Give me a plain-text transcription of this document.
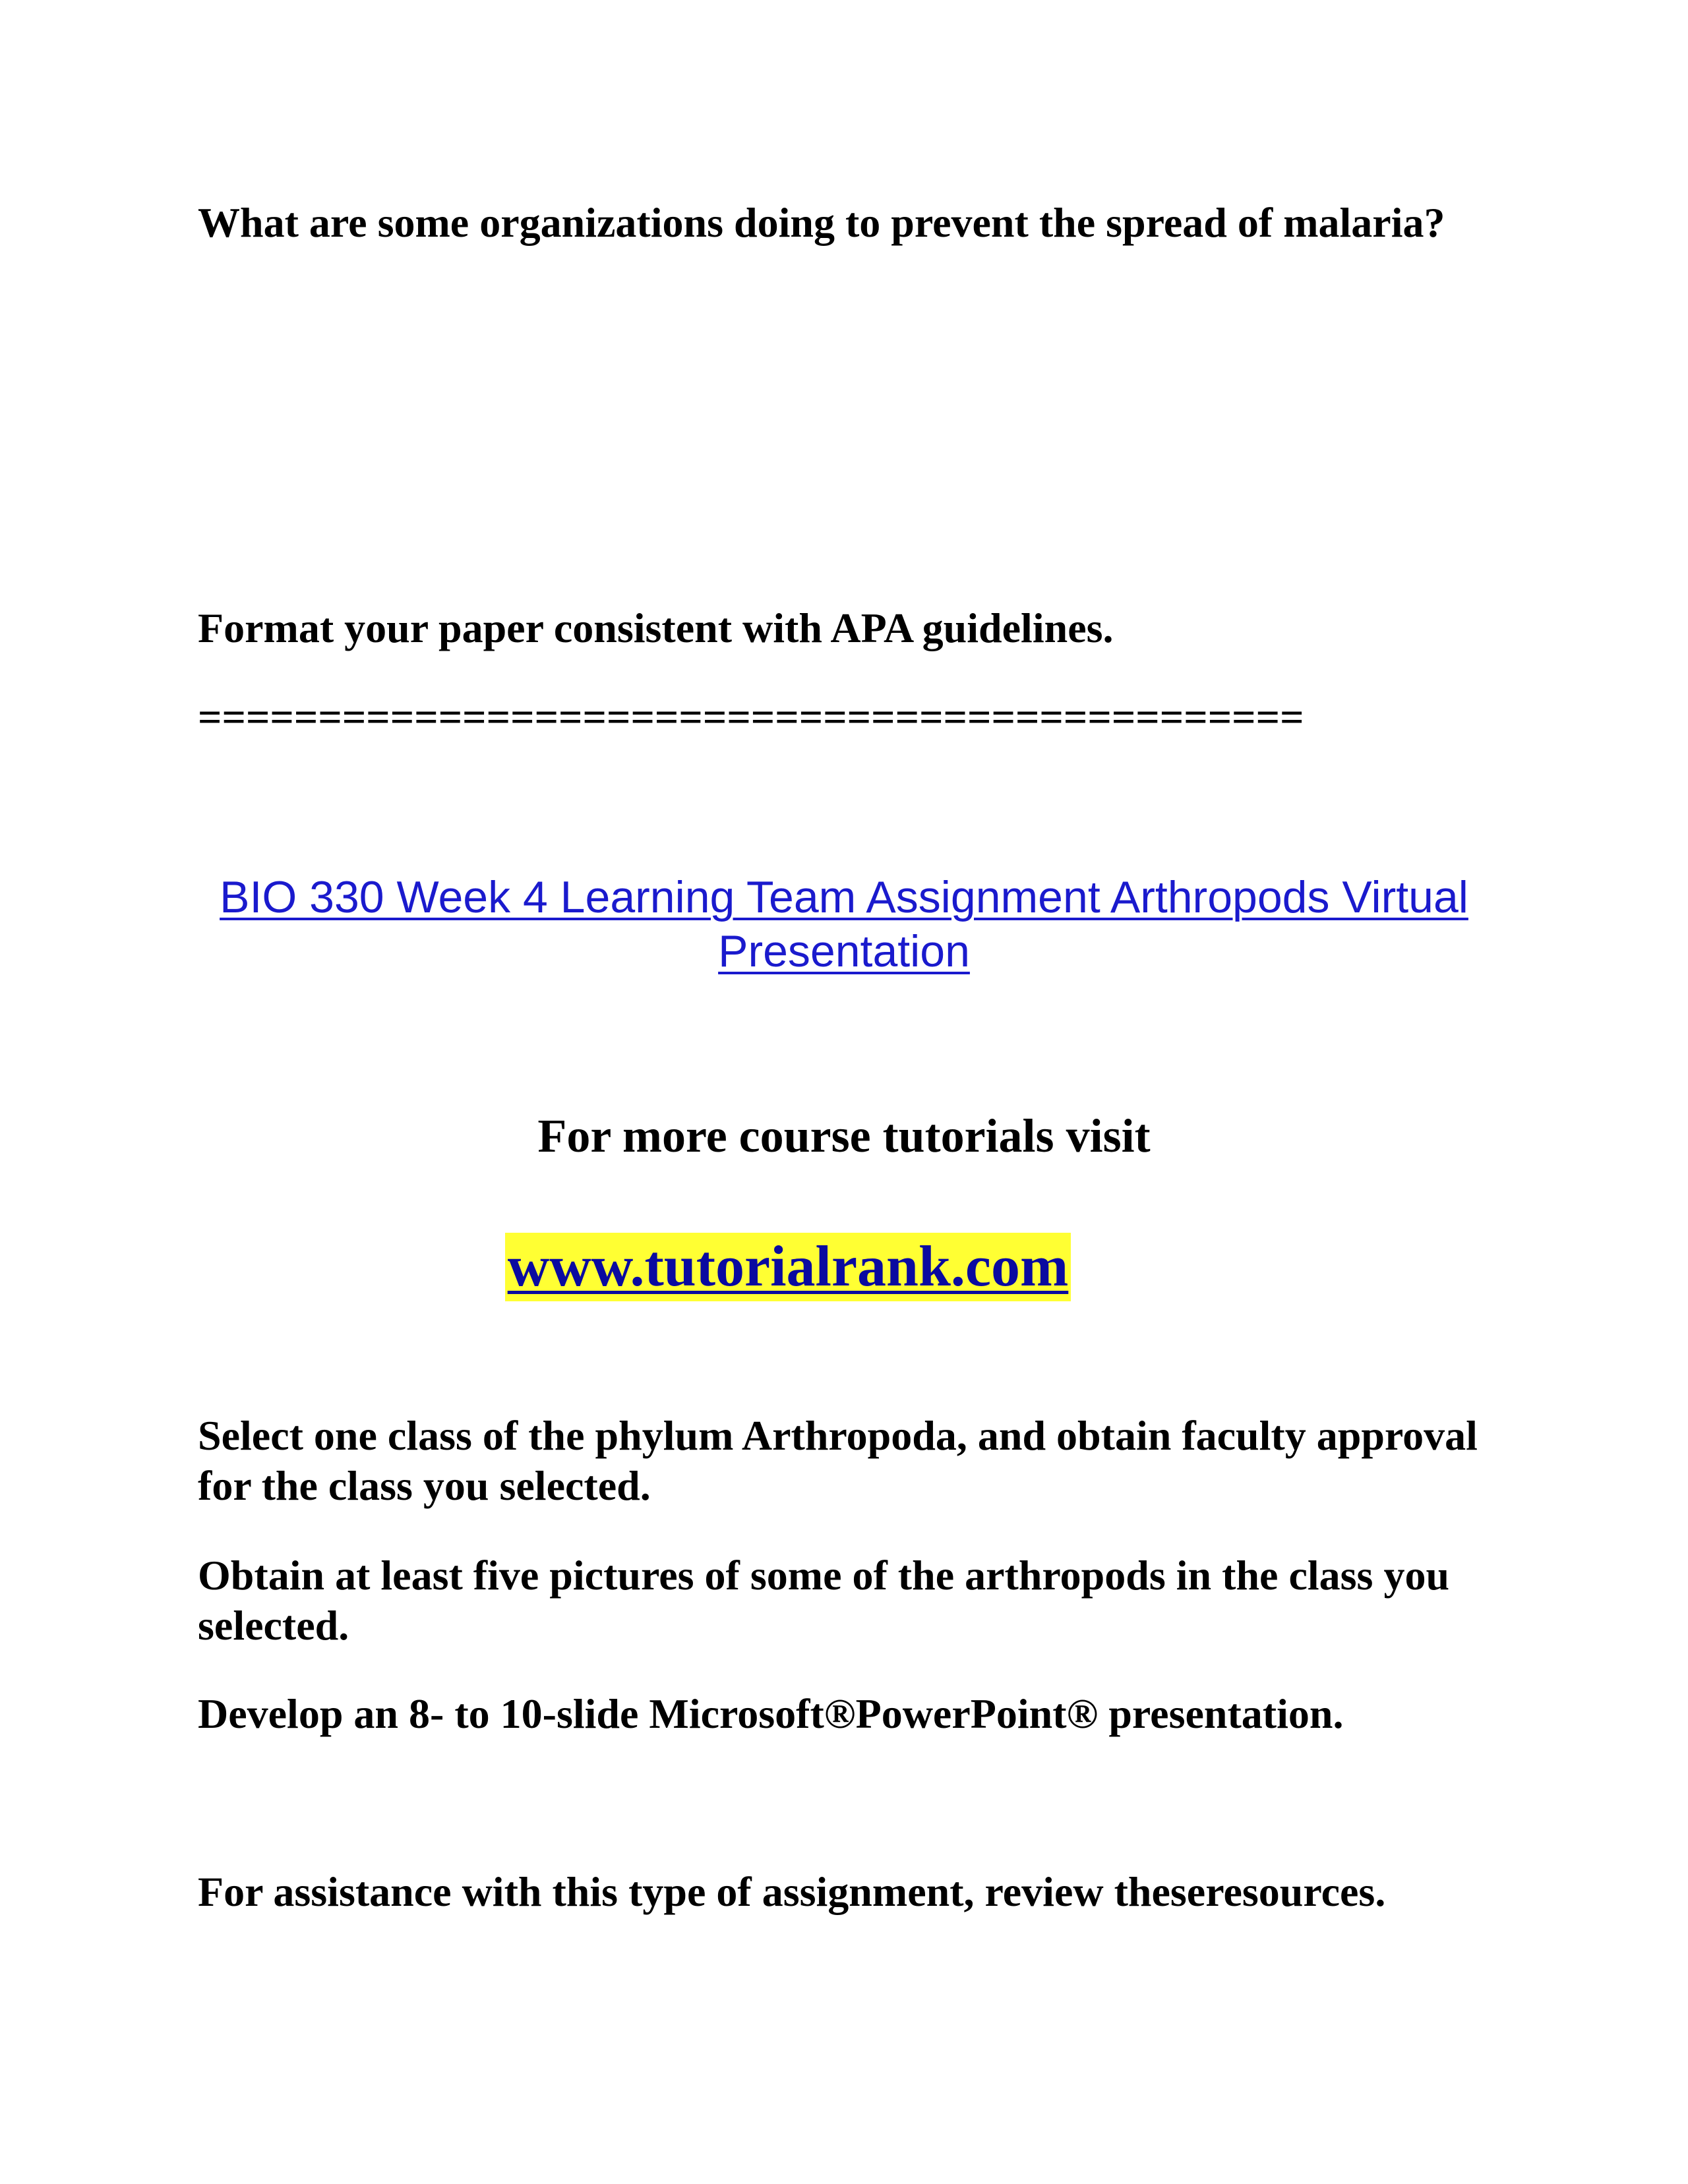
What are some organizations doing to prevent the spread of malaria?

Format your paper consistent with APA guidelines.

==============================================

BIO 330 Week 4 Learning Team Assignment Arthropods Virtual Presentation

For more course tutorials visit

www.tutorialrank.com

Select one class of the phylum Arthropoda, and obtain faculty approval for the class you selected.

Obtain at least five pictures of some of the arthropods in the class you selected.

Develop an 8- to 10-slide Microsoft®PowerPoint® presentation.

For assistance with this type of assignment, review theseresources.
